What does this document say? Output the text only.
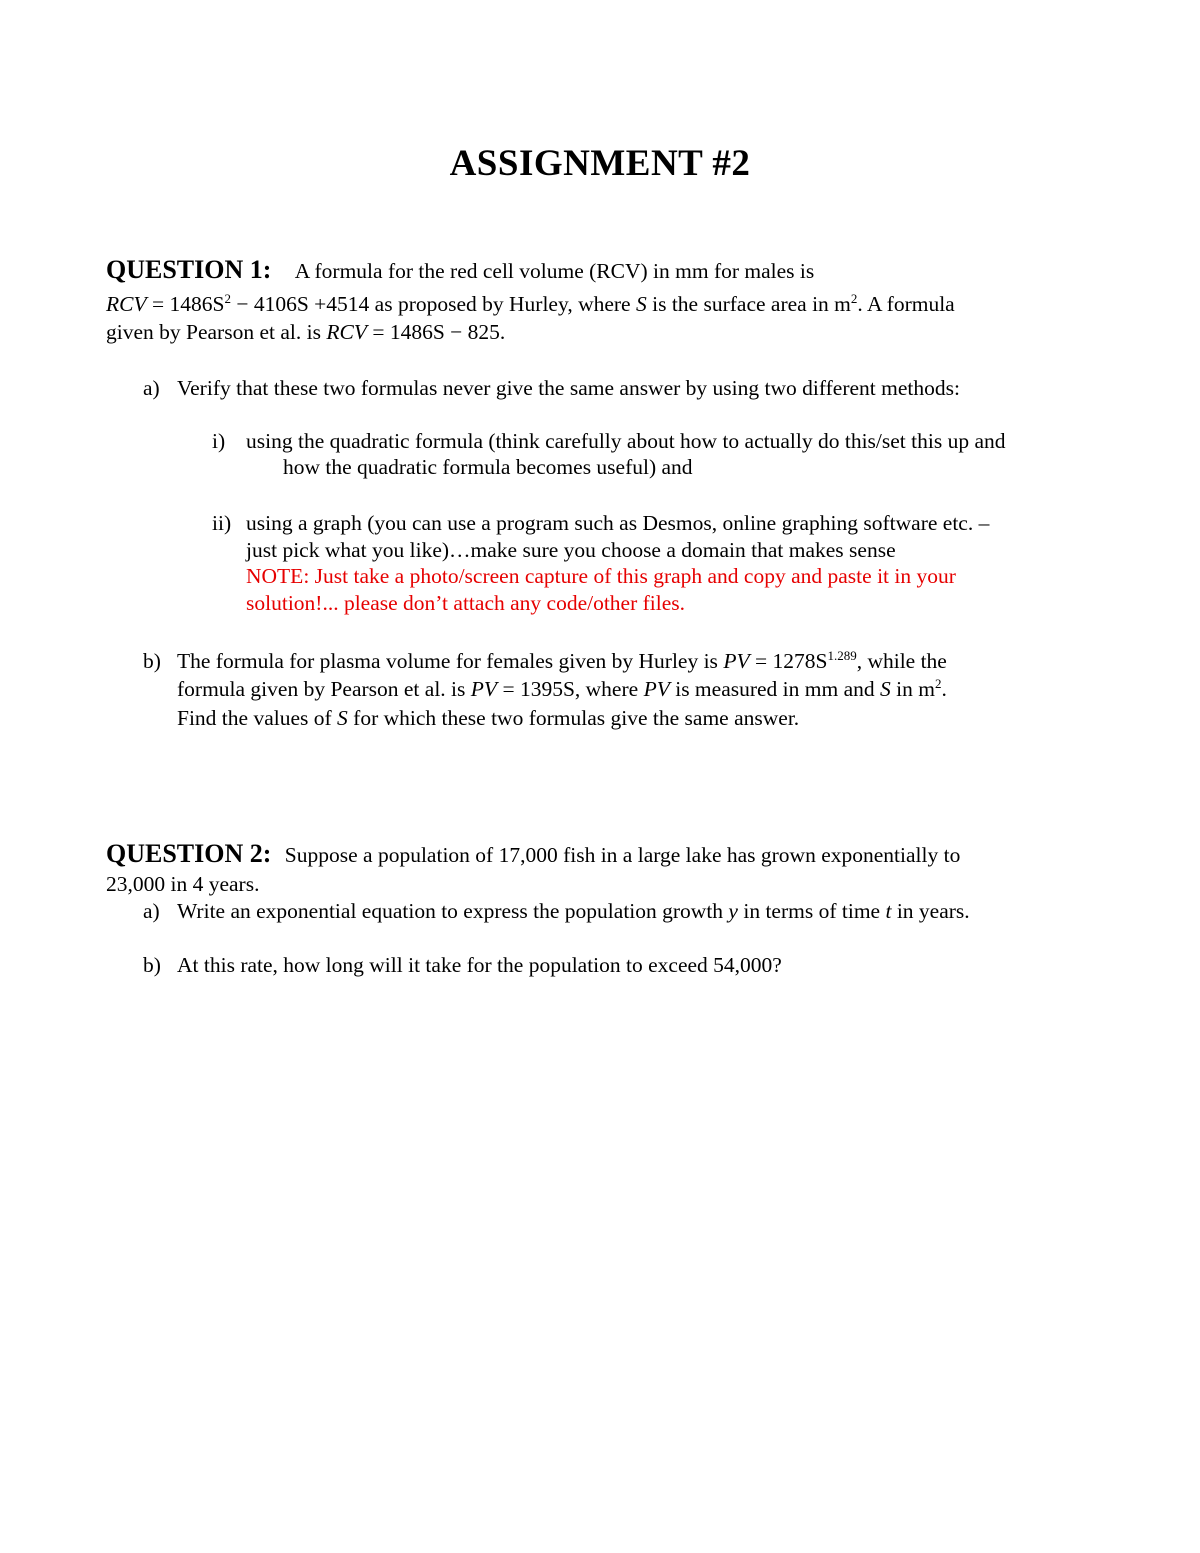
ASSIGNMENT #2
QUESTION 1: A formula for the red cell volume (RCV) in mm for males is
RCV = $1486S^2 - 4106S +4514$ as proposed by Hurley, where S is the surface area in $m^2$. A formula
given by Pearson et al. is RCV = 1486S − 825.
a) Verify that these two formulas never give the same answer by using two different methods:
i) using the quadratic formula (think carefully about how to actually do this/set this up and
how the quadratic formula becomes useful) and
ii) using a graph (you can use a program such as Desmos, online graphing software etc. –
just pick what you like)…make sure you choose a domain that makes sense
NOTE: Just take a photo/screen capture of this graph and copy and paste it in your
solution!... please don’t attach any code/other files.
b) The formula for plasma volume for females given by Hurley is PV = $1278S^{1.289}$, while the
formula given by Pearson et al. is PV = 1395S, where PV is measured in mm and S in $m^2$.
Find the values of S for which these two formulas give the same answer.
QUESTION 2: Suppose a population of 17,000 fish in a large lake has grown exponentially to
23,000 in 4 years.
a) Write an exponential equation to express the population growth y in terms of time t in years.
b) At this rate, how long will it take for the population to exceed 54,000?
